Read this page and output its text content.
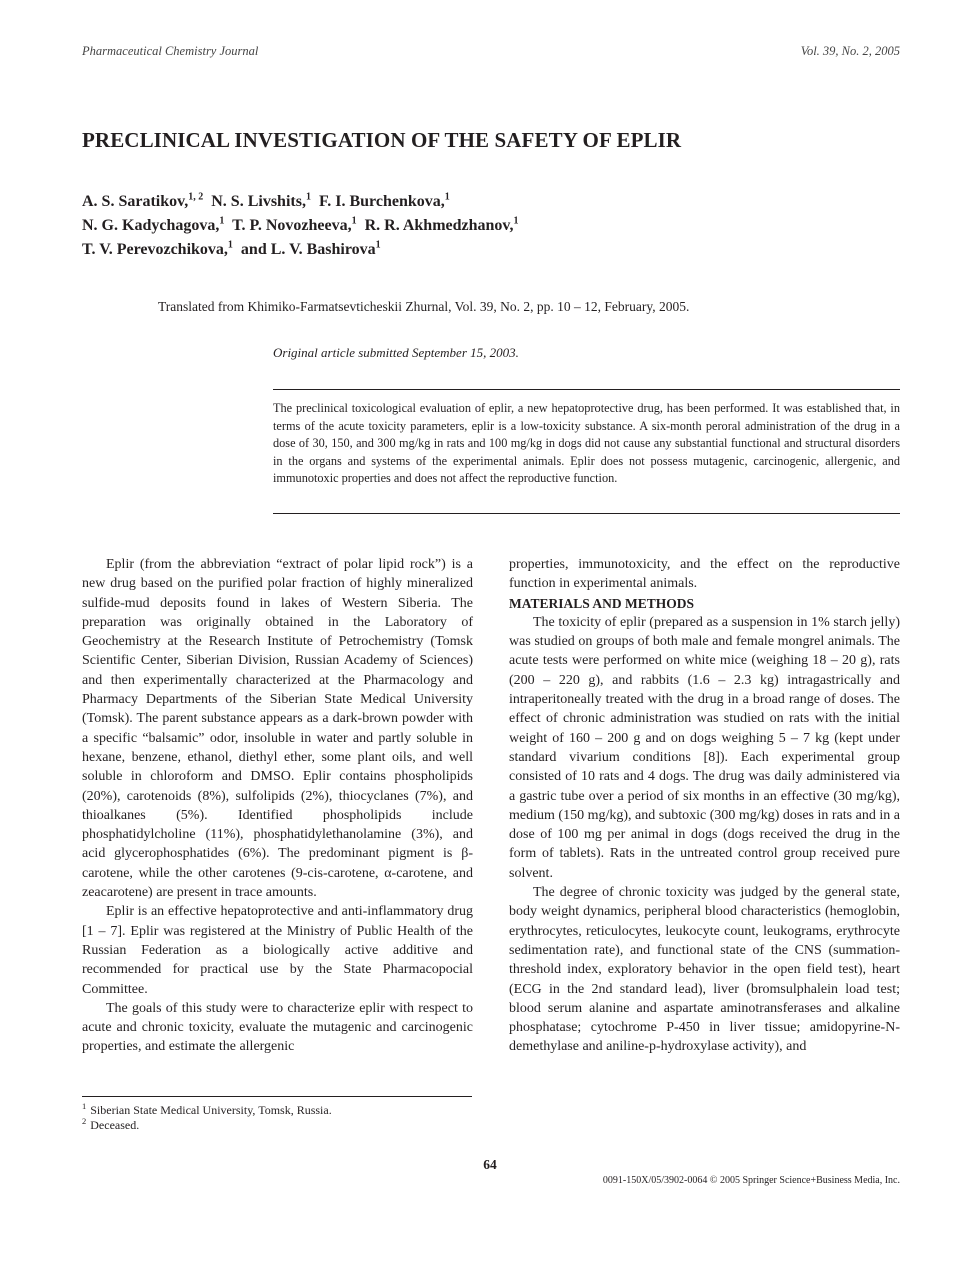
Pharmaceutical Chemistry Journal	Vol. 39, No. 2, 2005
PRECLINICAL INVESTIGATION OF THE SAFETY OF EPLIR
A. S. Saratikov,$^{1, 2}$ N. S. Livshits,$^1$ F. I. Burchenkova,$^1$
N. G. Kadychagova,$^1$ T. P. Novozheeva,$^1$ R. R. Akhmedzhanov,$^1$
T. V. Perevozchikova,$^1$ and L. V. Bashirova$^1$
Translated from Khimiko-Farmatsevticheskii Zhurnal, Vol. 39, No. 2, pp. 10 – 12, February, 2005.
Original article submitted September 15, 2003.
The preclinical toxicological evaluation of eplir, a new hepatoprotective drug, has been performed. It was established that, in terms of the acute toxicity parameters, eplir is a low-toxicity substance. A six-month peroral administration of the drug in a dose of 30, 150, and 300 mg/kg in rats and 100 mg/kg in dogs did not cause any substantial functional and structural disorders in the organs and systems of the experimental animals. Eplir does not possess mutagenic, carcinogenic, allergenic, and immunotoxic properties and does not affect the reproductive function.

Eplir (from the abbreviation “extract of polar lipid rock”) is a new drug based on the purified polar fraction of highly mineralized sulfide-mud deposits found in lakes of Western Siberia. The preparation was originally obtained in the Laboratory of Geochemistry at the Research Institute of Petrochemistry (Tomsk Scientific Center, Siberian Division, Russian Academy of Sciences) and then experimentally characterized at the Pharmacology and Pharmacy Departments of the Siberian State Medical University (Tomsk). The parent substance appears as a dark-brown powder with a specific “balsamic” odor, insoluble in water and partly soluble in hexane, benzene, ethanol, diethyl ether, some plant oils, and well soluble in chloroform and DMSO. Eplir contains phospholipids (20%), carotenoids (8%), sulfolipids (2%), thiocyclanes (7%), and thioalkanes (5%). Identified phospholipids include phosphatidylcholine (11%), phosphatidylethanolamine (3%), and acid glycerophosphatides (6%). The predominant pigment is β-carotene, while the other carotenes (9-cis-carotene, α-carotene, and zeacarotene) are present in trace amounts.

Eplir is an effective hepatoprotective and anti-inflammatory drug [1 – 7]. Eplir was registered at the Ministry of Public Health of the Russian Federation as a biologically active additive and recommended for practical use by the State Pharmacopocial Committee.

The goals of this study were to characterize eplir with respect to acute and chronic toxicity, evaluate the mutagenic and carcinogenic properties, and estimate the allergenic

properties, immunotoxicity, and the effect on the reproductive function in experimental animals.

MATERIALS AND METHODS

The toxicity of eplir (prepared as a suspension in 1% starch jelly) was studied on groups of both male and female mongrel animals. The acute tests were performed on white mice (weighing 18 – 20 g), rats (200 – 220 g), and rabbits (1.6 – 2.3 kg) intragastrically and intraperitoneally treated with the drug in a broad range of doses. The effect of chronic administration was studied on rats with the initial weight of 160 – 200 g and on dogs weighing 5 – 7 kg (kept under standard vivarium conditions [8]). Each experimental group consisted of 10 rats and 4 dogs. The drug was daily administered via a gastric tube over a period of six months in an effective (30 mg/kg), medium (150 mg/kg), and subtoxic (300 mg/kg) doses in rats and in a dose of 100 mg per animal in dogs (dogs received the drug in the form of tablets). Rats in the untreated control group received pure solvent.

The degree of chronic toxicity was judged by the general state, body weight dynamics, peripheral blood characteristics (hemoglobin, erythrocytes, reticulocytes, leukocyte count, leukograms, erythrocyte sedimentation rate), and functional state of the CNS (summation-threshold index, exploratory behavior in the open field test), heart (ECG in the 2nd standard lead), liver (bromsulphalein load test; blood serum alanine and aspartate aminotransferases and alkaline phosphatase; cytochrome P-450 in liver tissue; amidopyrine-N-demethylase and aniline-p-hydroxylase activity), and

$^1$ Siberian State Medical University, Tomsk, Russia.
$^2$ Deceased.
64
0091-150X/05/3902-0064 © 2005 Springer Science+Business Media, Inc.
